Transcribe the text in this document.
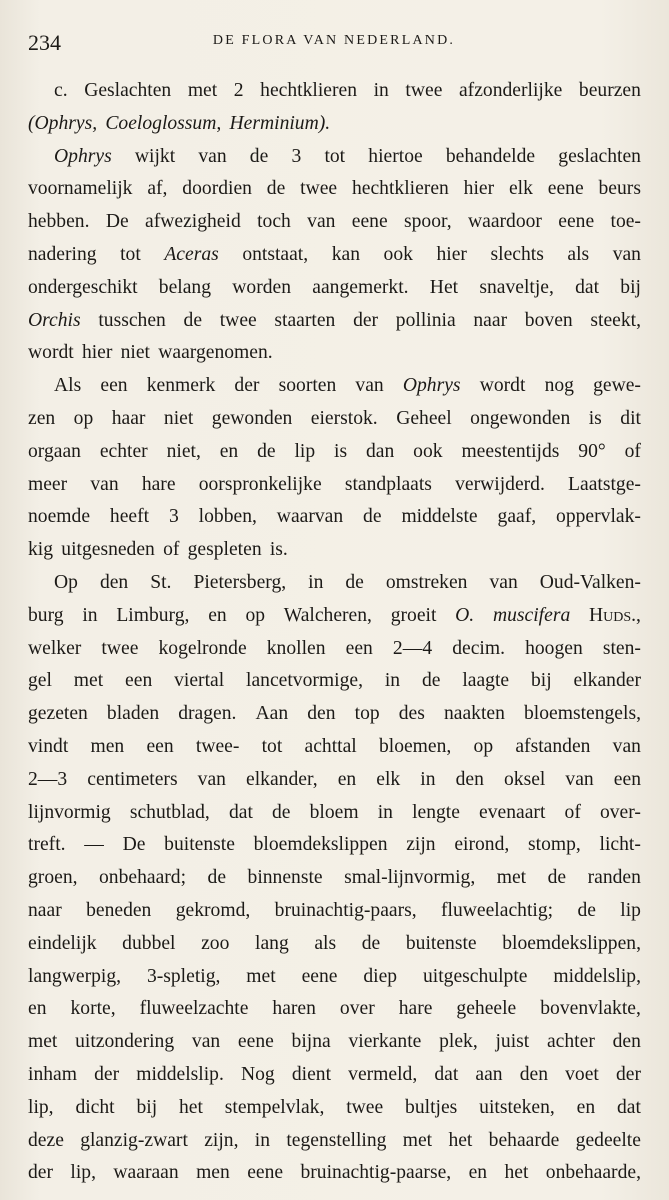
234	DE FLORA VAN NEDERLAND.
c. Geslachten met 2 hechtklieren in twee afzonderlijke beurzen
(Ophrys, Coeloglossum, Herminium).
Ophrys wijkt van de 3 tot hiertoe behandelde geslachten
voornamelijk af, doordien de twee hechtklieren hier elk eene beurs
hebben. De afwezigheid toch van eene spoor, waardoor eene toe-
nadering tot Aceras ontstaat, kan ook hier slechts als van
ondergeschikt belang worden aangemerkt. Het snaveltje, dat bij
Orchis tusschen de twee staarten der pollinia naar boven steekt,
wordt hier niet waargenomen.
Als een kenmerk der soorten van Ophrys wordt nog gewe-
zen op haar niet gewonden eierstok. Geheel ongewonden is dit
orgaan echter niet, en de lip is dan ook meestentijds 90° of
meer van hare oorspronkelijke standplaats verwijderd. Laatstge-
noemde heeft 3 lobben, waarvan de middelste gaaf, oppervlak-
kig uitgesneden of gespleten is.
Op den St. Pietersberg, in de omstreken van Oud-Valken-
burg in Limburg, en op Walcheren, groeit O. muscifera Huds.,
welker twee kogelronde knollen een 2—4 decim. hoogen sten-
gel met een viertal lancetvormige, in de laagte bij elkander
gezeten bladen dragen. Aan den top des naakten bloemstengels,
vindt men een twee- tot achttal bloemen, op afstanden van
2—3 centimeters van elkander, en elk in den oksel van een
lijnvormig schutblad, dat de bloem in lengte evenaart of over-
treft. — De buitenste bloemdekslippen zijn eirond, stomp, licht-
groen, onbehaard; de binnenste smal-lijnvormig, met de randen
naar beneden gekromd, bruinachtig-paars, fluweelachtig; de lip
eindelijk dubbel zoo lang als de buitenste bloemdekslippen,
langwerpig, 3-spletig, met eene diep uitgeschulpte middelslip,
en korte, fluweelzachte haren over hare geheele bovenvlakte,
met uitzondering van eene bijna vierkante plek, juist achter den
inham der middelslip. Nog dient vermeld, dat aan den voet der
lip, dicht bij het stempelvlak, twee bultjes uitsteken, en dat
deze glanzig-zwart zijn, in tegenstelling met het behaarde gedeelte
der lip, waaraan men eene bruinachtig-paarse, en het onbehaarde,
